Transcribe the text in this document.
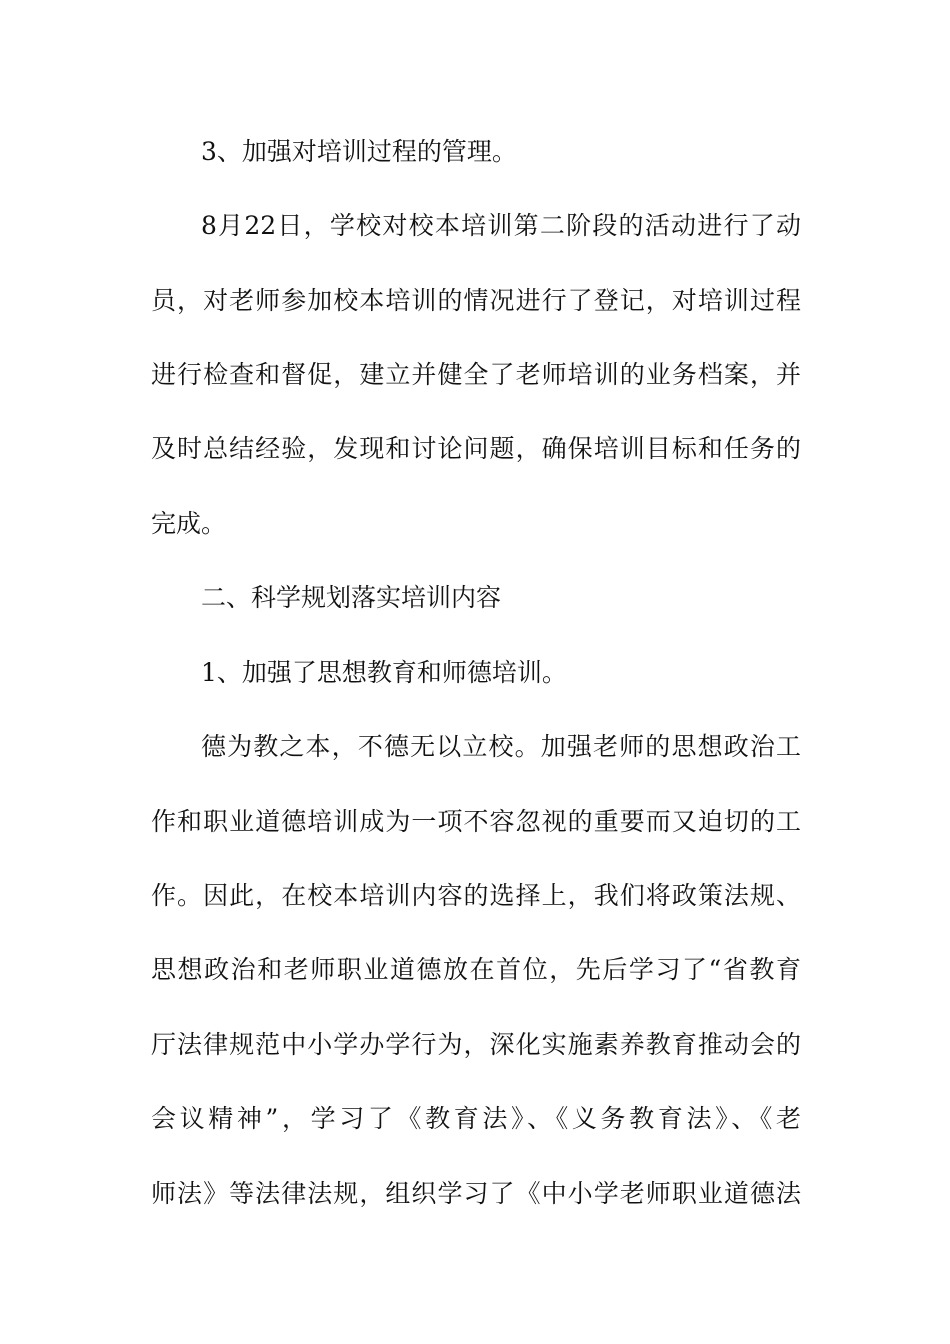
3、加强对培训过程的管理。
8月22日，学校对校本培训第二阶段的活动进行了动
员，对老师参加校本培训的情况进行了登记，对培训过程
进行检查和督促，建立并健全了老师培训的业务档案，并
及时总结经验，发现和讨论问题，确保培训目标和任务的
完成。
二、科学规划落实培训内容
1、加强了思想教育和师德培训。
德为教之本，不德无以立校。加强老师的思想政治工
作和职业道德培训成为一项不容忽视的重要而又迫切的工
作。因此，在校本培训内容的选择上，我们将政策法规、
思想政治和老师职业道德放在首位，先后学习了“省教育
厅法律规范中小学办学行为，深化实施素养教育推动会的
会议精神”，学习了《教育法》、《义务教育法》、《老
师法》等法律法规，组织学习了《中小学老师职业道德法
